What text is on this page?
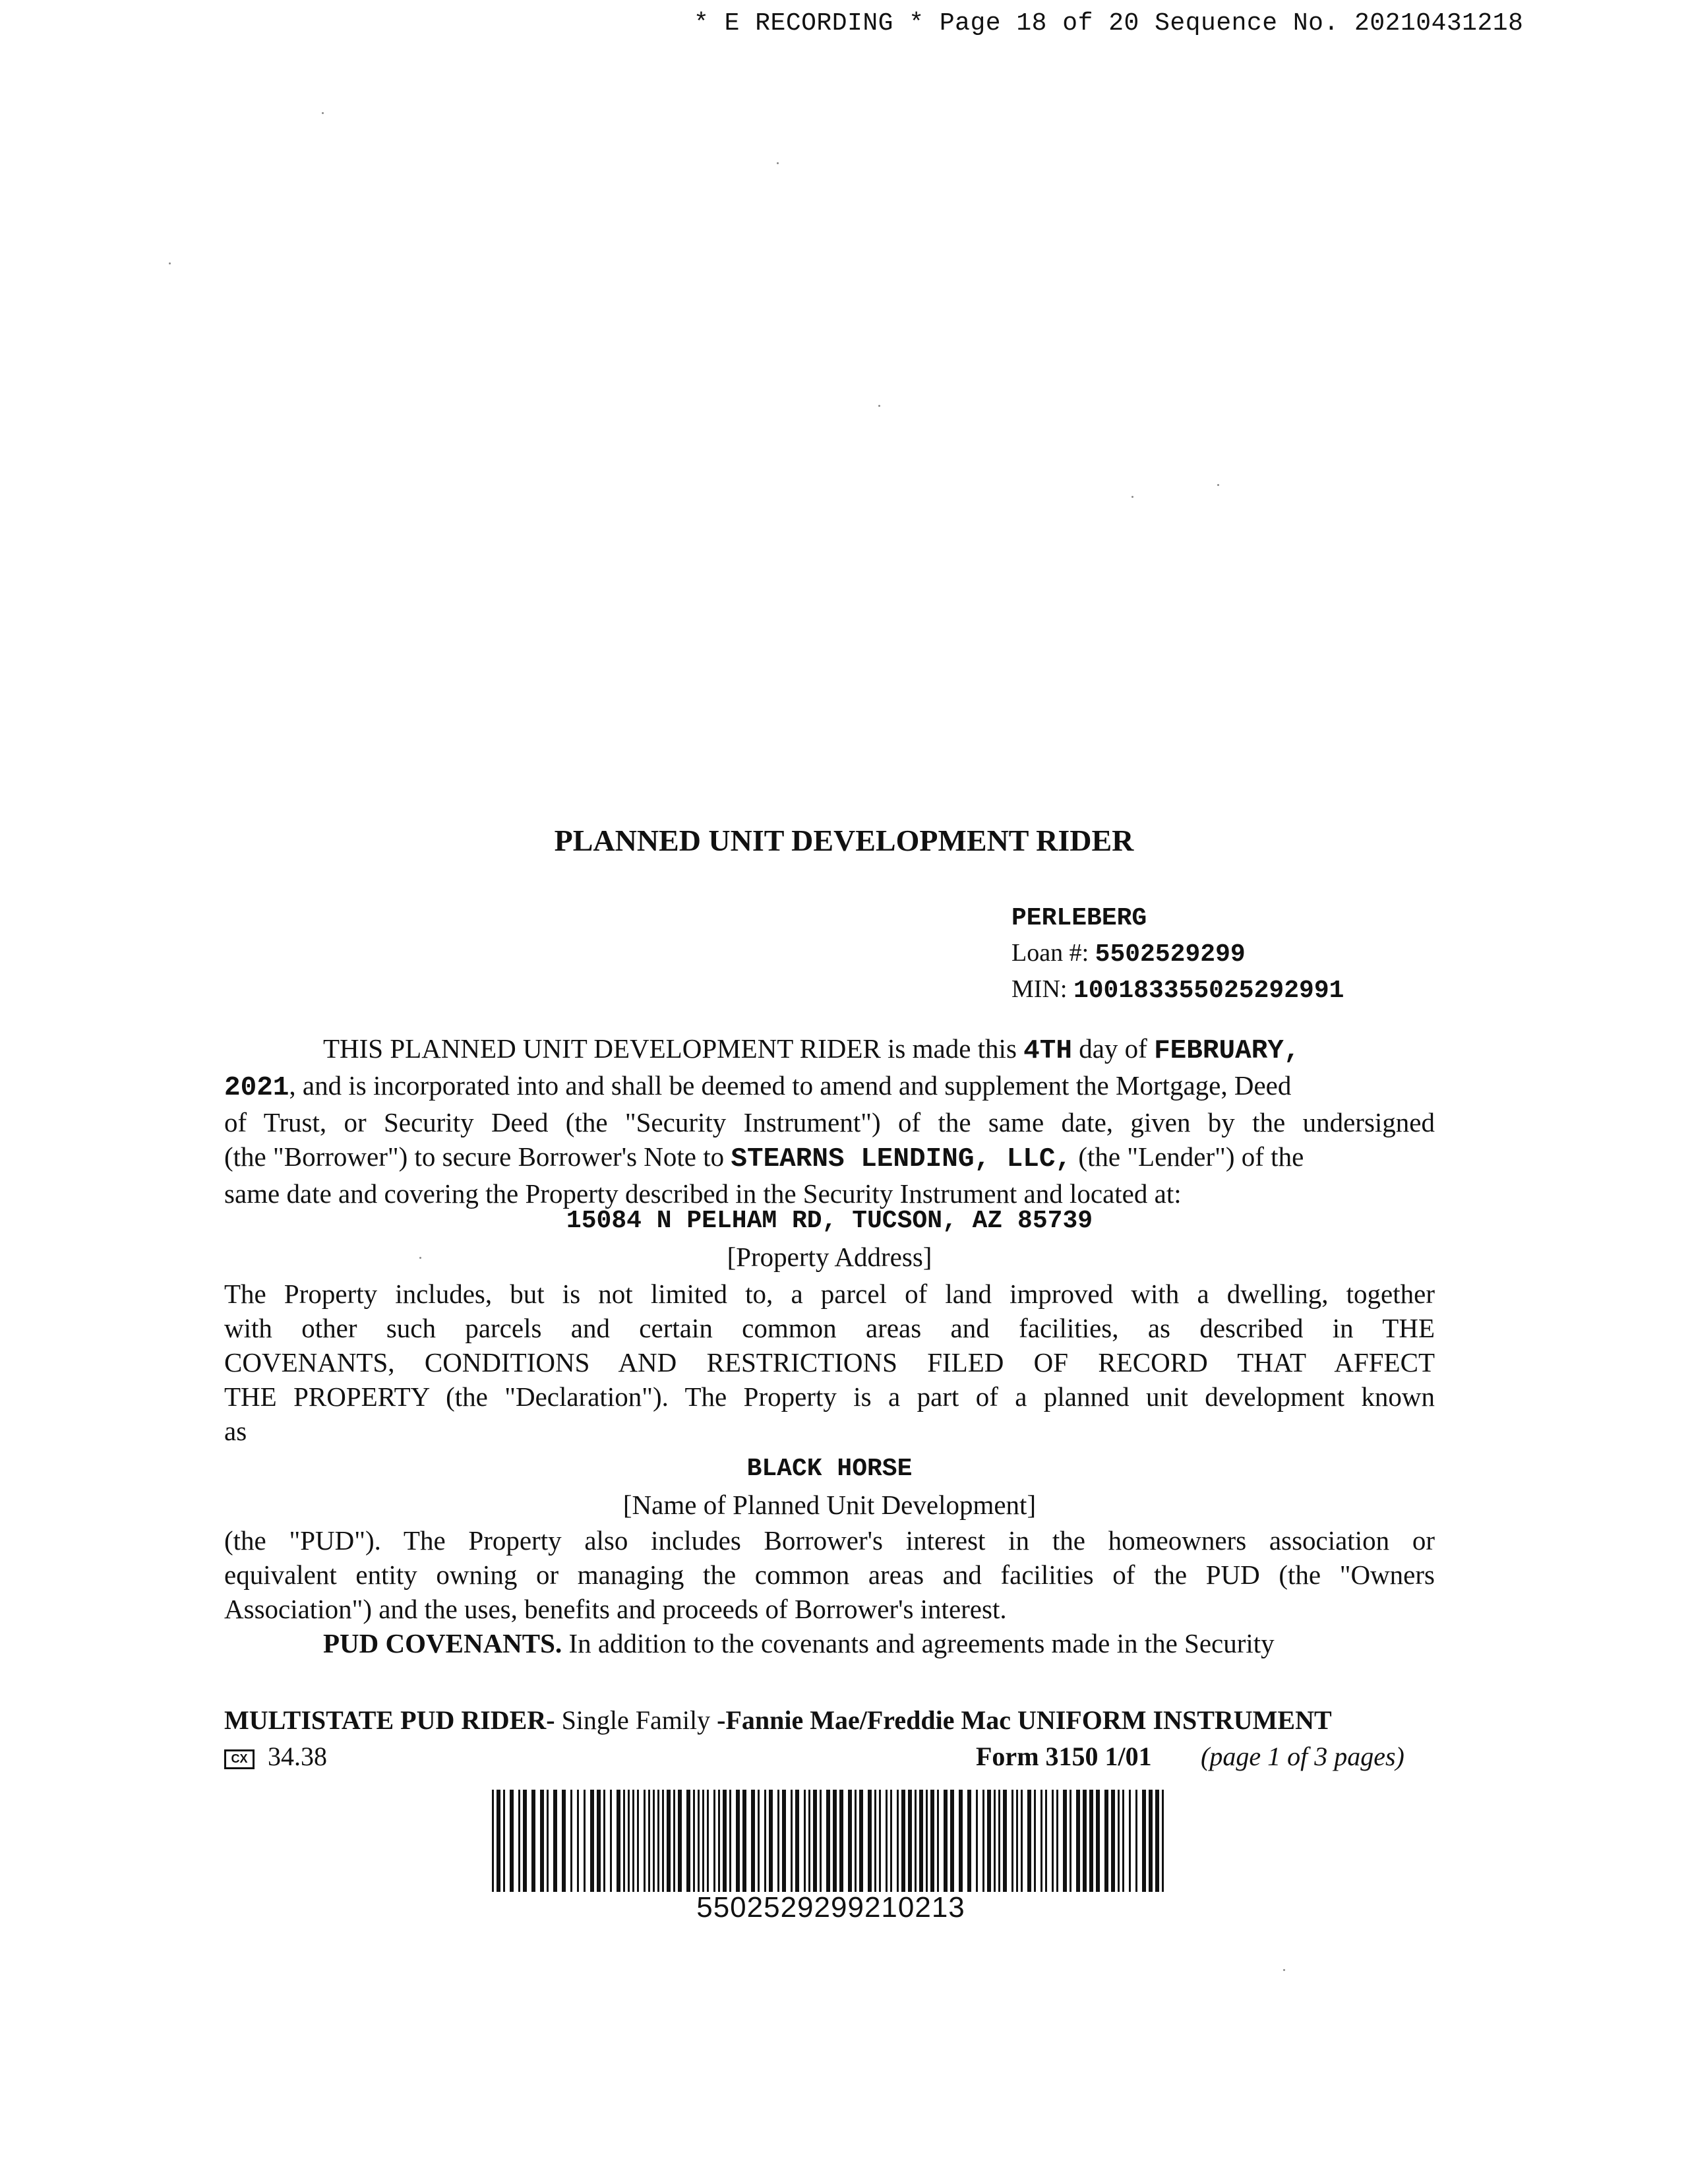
* E RECORDING * Page 18 of 20 Sequence No. 20210431218
PLANNED UNIT DEVELOPMENT RIDER
PERLEBERG
Loan #: 5502529299
MIN: 100183355025292991
THIS PLANNED UNIT DEVELOPMENT RIDER is made this 4TH day of FEBRUARY,
2021, and is incorporated into and shall be deemed to amend and supplement the Mortgage, Deed
of Trust, or Security Deed (the "Security Instrument") of the same date, given by the undersigned
(the "Borrower") to secure Borrower's Note to STEARNS LENDING, LLC, (the "Lender") of the
same date and covering the Property described in the Security Instrument and located at:
15084 N PELHAM RD, TUCSON, AZ 85739
[Property Address]
The Property includes, but is not limited to, a parcel of land improved with a dwelling, together
with other such parcels and certain common areas and facilities, as described in THE
COVENANTS, CONDITIONS AND RESTRICTIONS FILED OF RECORD THAT AFFECT
THE PROPERTY (the "Declaration"). The Property is a part of a planned unit development known
as
BLACK HORSE
[Name of Planned Unit Development]
(the "PUD"). The Property also includes Borrower's interest in the homeowners association or
equivalent entity owning or managing the common areas and facilities of the PUD (the "Owners
Association") and the uses, benefits and proceeds of Borrower's interest.
PUD COVENANTS. In addition to the covenants and agreements made in the Security
MULTISTATE PUD RIDER- Single Family -Fannie Mae/Freddie Mac UNIFORM INSTRUMENT
CX 34.38	Form 3150 1/01 (page 1 of 3 pages)
5502529299210213
